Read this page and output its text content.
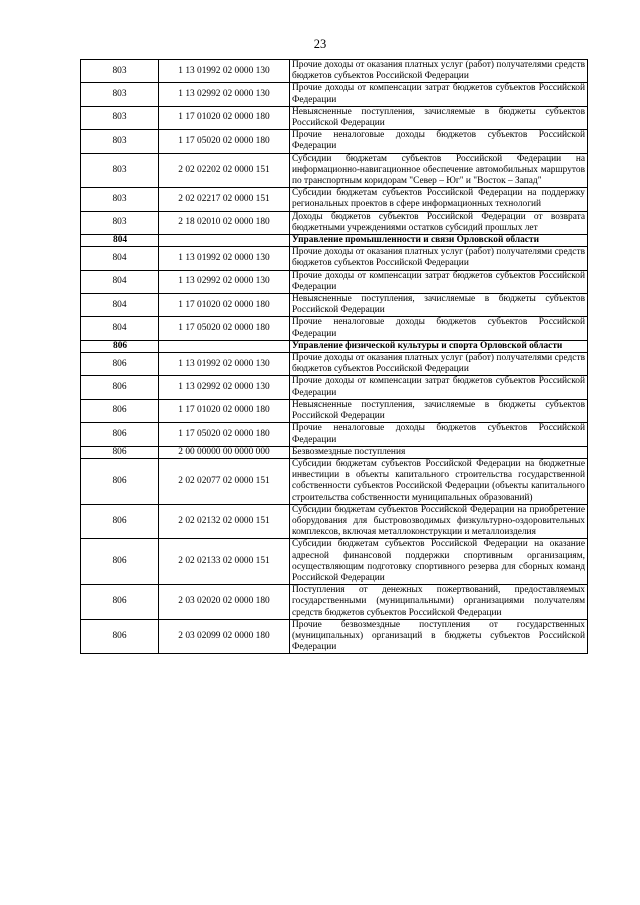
23
803	1 13 01992 02 0000 130	Прочие доходы от оказания платных услуг (работ) получателями средств бюджетов субъектов Российской Федерации
803	1 13 02992 02 0000 130	Прочие доходы от компенсации затрат бюджетов субъектов Российской Федерации
803	1 17 01020 02 0000 180	Невыясненные поступления, зачисляемые в бюджеты субъектов Российской Федерации
803	1 17 05020 02 0000 180	Прочие неналоговые доходы бюджетов субъектов Российской Федерации
803	2 02 02202 02 0000 151	Субсидии бюджетам субъектов Российской Федерации на информационно-навигационное обеспечение автомобильных маршрутов по транспортным коридорам "Север – Юг" и "Восток – Запад"
803	2 02 02217 02 0000 151	Субсидии бюджетам субъектов Российской Федерации на поддержку региональных проектов в сфере информационных технологий
803	2 18 02010 02 0000 180	Доходы бюджетов субъектов Российской Федерации от возврата бюджетными учреждениями остатков субсидий прошлых лет
804		Управление промышленности и связи Орловской области
804	1 13 01992 02 0000 130	Прочие доходы от оказания платных услуг (работ) получателями средств бюджетов субъектов Российской Федерации
804	1 13 02992 02 0000 130	Прочие доходы от компенсации затрат бюджетов субъектов Российской Федерации
804	1 17 01020 02 0000 180	Невыясненные поступления, зачисляемые в бюджеты субъектов Российской Федерации
804	1 17 05020 02 0000 180	Прочие неналоговые доходы бюджетов субъектов Российской Федерации
806		Управление физической культуры и спорта Орловской области
806	1 13 01992 02 0000 130	Прочие доходы от оказания платных услуг (работ) получателями средств бюджетов субъектов Российской Федерации
806	1 13 02992 02 0000 130	Прочие доходы от компенсации затрат бюджетов субъектов Российской Федерации
806	1 17 01020 02 0000 180	Невыясненные поступления, зачисляемые в бюджеты субъектов Российской Федерации
806	1 17 05020 02 0000 180	Прочие неналоговые доходы бюджетов субъектов Российской Федерации
806	2 00 00000 00 0000 000	Безвозмездные поступления
806	2 02 02077 02 0000 151	Субсидии бюджетам субъектов Российской Федерации на бюджетные инвестиции в объекты капитального строительства государственной собственности субъектов Российской Федерации (объекты капитального строительства собственности муниципальных образований)
806	2 02 02132 02 0000 151	Субсидии бюджетам субъектов Российской Федерации на приобретение оборудования для быстровозводимых физкультурно-оздоровительных комплексов, включая металлоконструкции и металлоизделия
806	2 02 02133 02 0000 151	Субсидии бюджетам субъектов Российской Федерации на оказание адресной финансовой поддержки спортивным организациям, осуществляющим подготовку спортивного резерва для сборных команд Российской Федерации
806	2 03 02020 02 0000 180	Поступления от денежных пожертвований, предоставляемых государственными (муниципальными) организациями получателям средств бюджетов субъектов Российской Федерации
806	2 03 02099 02 0000 180	Прочие безвозмездные поступления от государственных (муниципальных) организаций в бюджеты субъектов Российской Федерации
